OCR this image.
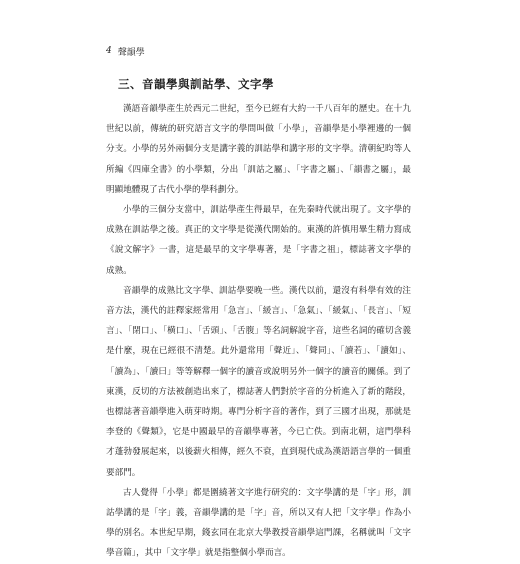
4 聲韻學
三、音韻學與訓詁學、文字學

漢語音韻學產生於西元二世紀，至今已經有大約一千八百年的歷史。在十九世紀以前，傳統的研究語言文字的學問叫做「小學」，音韻學是小學裡邊的一個分支。小學的另外兩個分支是講字義的訓詁學和講字形的文字學。清朝紀昀等人所編《四庫全書》的小學類，分出「訓詁之屬」、「字書之屬」、「韻書之屬」，最明顯地體現了古代小學的學科劃分。

小學的三個分支當中，訓詁學產生得最早，在先秦時代就出現了。文字學的成熟在訓詁學之後。真正的文字學是從漢代開始的。東漢的許慎用畢生精力寫成《說文解字》一書，這是最早的文字學專著，是「字書之祖」，標誌著文字學的成熟。

音韻學的成熟比文字學、訓詁學要晚一些。漢代以前，還沒有科學有效的注音方法，漢代的註釋家經常用「急言」、「緩言」、「急氣」、「緩氣」、「長言」、「短言」、「閉口」、「横口」、「舌頭」、「舌腹」等名詞解說字音，這些名詞的確切含義是什麼，現在已經很不清楚。此外還常用「聲近」、「聲同」、「讀若」、「讀如」、「讀為」、「讀曰」等等解釋一個字的讀音或說明另外一個字的讀音的關係。到了東漢，反切的方法被創造出來了，標誌著人們對於字音的分析進入了新的階段，也標誌著音韻學進入萌芽時期。專門分析字音的著作，到了三國才出現，那就是李登的《聲類》，它是中國最早的音韻學專著，今已亡佚。到南北朝，這門學科才蓬勃發展起來，以後薪火相傳，經久不衰，直到現代成為漢語語言學的一個重要部門。

古人覺得「小學」都是圍繞著文字進行研究的：文字學講的是「字」形，訓詁學講的是「字」義，音韻學講的是「字」音，所以又有人把「文字學」作為小學的別名。本世紀早期，錢玄同在北京大學教授音韻學這門課，名稱就叫「文字學音篇」，其中「文字學」就是指整個小學而言。
